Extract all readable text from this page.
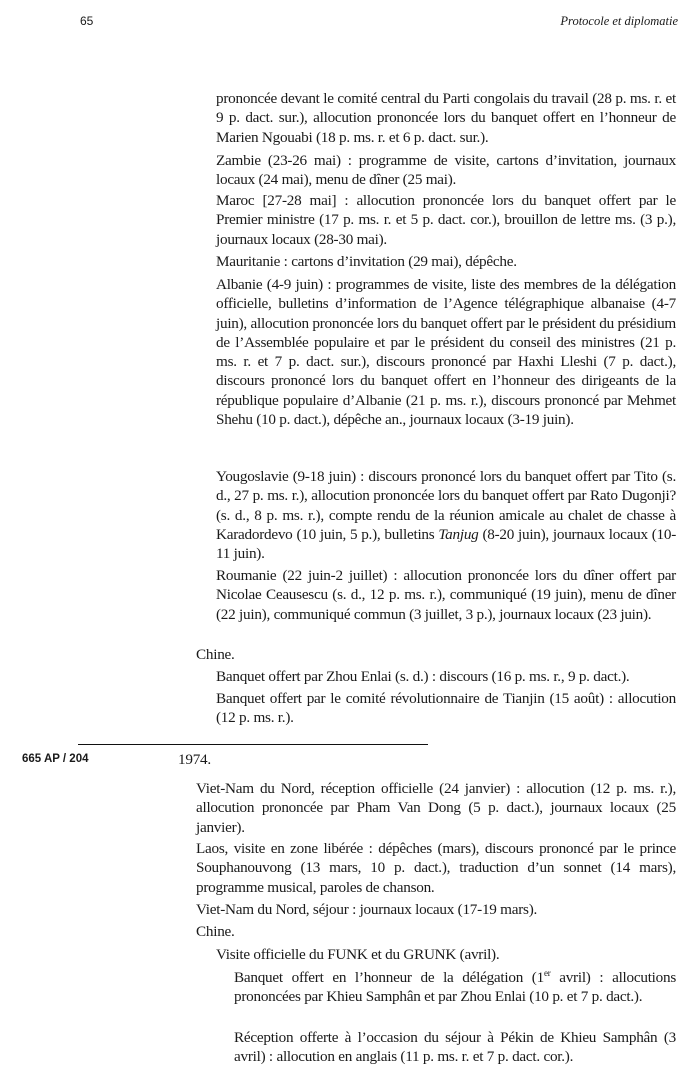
65	Protocole et diplomatie

prononcée devant le comité central du Parti congolais du travail (28 p. ms. r. et 9 p. dact. sur.), allocution prononcée lors du banquet offert en l’honneur de Marien Ngouabi (18 p. ms. r. et 6 p. dact. sur.).

Zambie (23-26 mai) : programme de visite, cartons d’invitation, journaux locaux (24 mai), menu de dîner (25 mai).

Maroc [27-28 mai] : allocution prononcée lors du banquet offert par le Premier ministre (17 p. ms. r. et 5 p. dact. cor.), brouillon de lettre ms. (3 p.), journaux locaux (28-30 mai).

Mauritanie : cartons d’invitation (29 mai), dépêche.

Albanie (4-9 juin) : programmes de visite, liste des membres de la délégation officielle, bulletins d’information de l’Agence télégraphique albanaise (4-7 juin), allocution prononcée lors du banquet offert par le président du présidium de l’Assemblée populaire et par le président du conseil des ministres (21 p. ms. r. et 7 p. dact. sur.), discours prononcé par Haxhi Lleshi (7 p. dact.), discours prononcé lors du banquet offert en l’honneur des dirigeants de la république populaire d’Albanie (21 p. ms. r.), discours prononcé par Mehmet Shehu (10 p. dact.), dépêche an., journaux locaux (3-19 juin).

Yougoslavie (9-18 juin) : discours prononcé lors du banquet offert par Tito (s. d., 27 p. ms. r.), allocution prononcée lors du banquet offert par Rato Dugonji? (s. d., 8 p. ms. r.), compte rendu de la réunion amicale au chalet de chasse à Karadordevo (10 juin, 5 p.), bulletins Tanjug (8-20 juin), journaux locaux (10-11 juin).

Roumanie (22 juin-2 juillet) : allocution prononcée lors du dîner offert par Nicolae Ceausescu (s. d., 12 p. ms. r.), communiqué (19 juin), menu de dîner (22 juin), communiqué commun (3 juillet, 3 p.), journaux locaux (23 juin).

Chine.

Banquet offert par Zhou Enlai (s. d.) : discours (16 p. ms. r., 9 p. dact.).

Banquet offert par le comité révolutionnaire de Tianjin (15 août) : allocution (12 p. ms. r.).

665 AP / 204	1974.

Viet-Nam du Nord, réception officielle (24 janvier) : allocution (12 p. ms. r.), allocution prononcée par Pham Van Dong (5 p. dact.), journaux locaux (25 janvier).

Laos, visite en zone libérée : dépêches (mars), discours prononcé par le prince Souphanouvong (13 mars, 10 p. dact.), traduction d’un sonnet (14 mars), programme musical, paroles de chanson.

Viet-Nam du Nord, séjour : journaux locaux (17-19 mars).

Chine.

Visite officielle du FUNK et du GRUNK (avril).

Banquet offert en l’honneur de la délégation (1er avril) : allocutions prononcées par Khieu Samphân et par Zhou Enlai (10 p. et 7 p. dact.).

Réception offerte à l’occasion du séjour à Pékin de Khieu Samphân (3 avril) : allocution en anglais (11 p. ms. r. et 7 p. dact. cor.).
